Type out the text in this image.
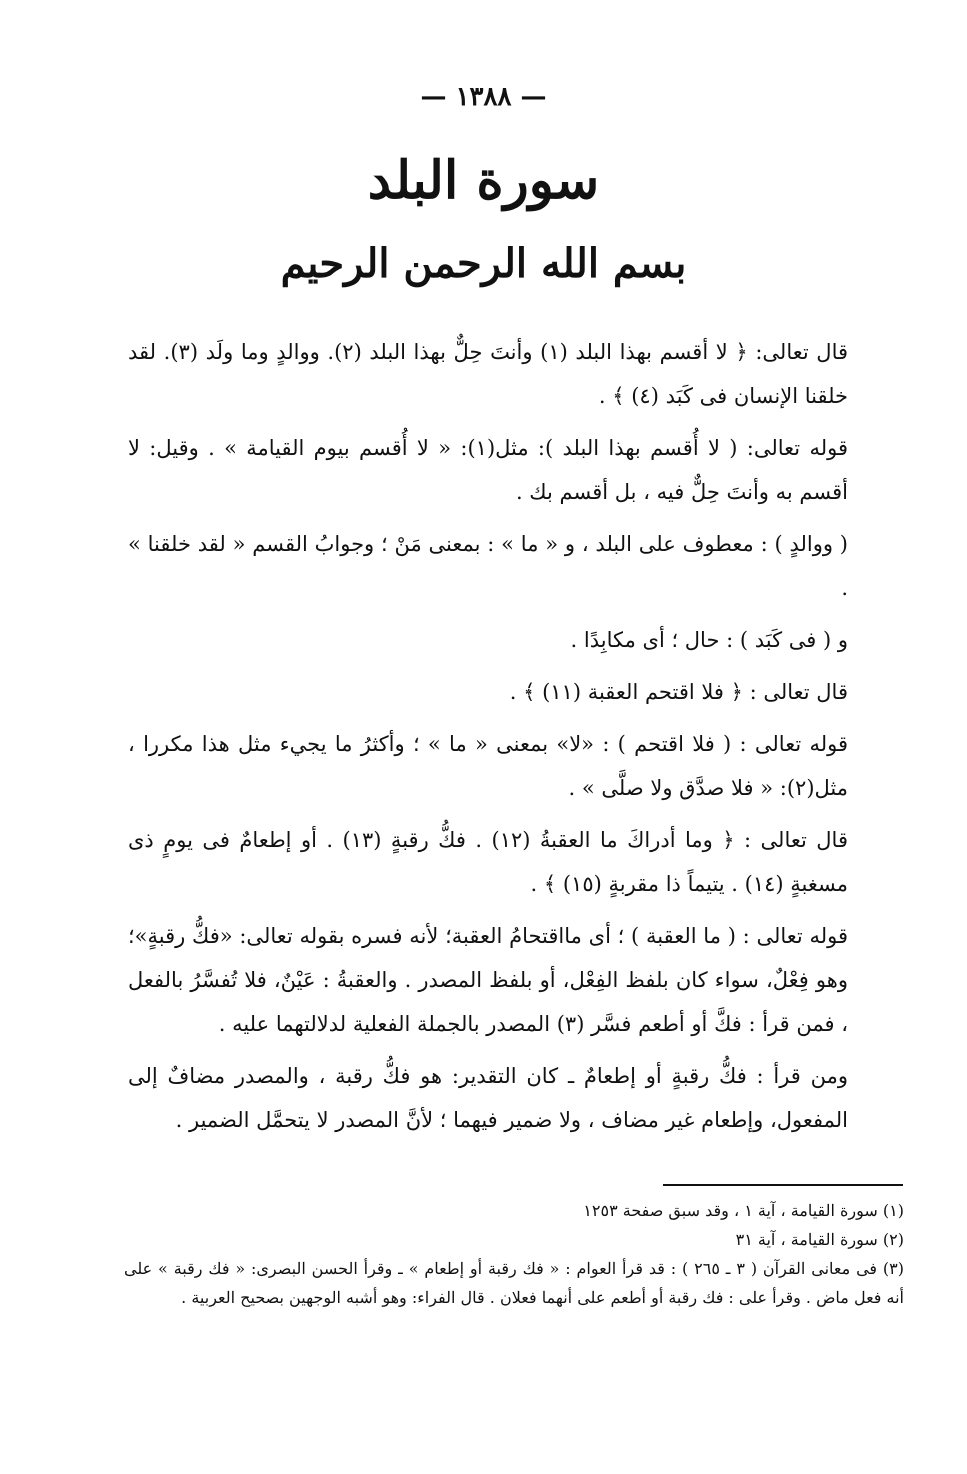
— ١٣٨٨ —
سورة البلد
بسم الله الرحمن الرحيم

قال تعالى: ﴿ لا أقسم بهذا البلد (١) وأنتَ حِلٌّ بهذا البلد (٢). ووالدٍ وما ولَد (٣). لقد خلقنا الإنسان فى كَبَد (٤) ﴾ .

قوله تعالى: ( لا أُقسم بهذا البلد ): مثل(١): « لا أُقسم بيوم القيامة » . وقيل: لا أقسم به وأنتَ حِلٌّ فيه ، بل أقسم بك .

( ووالدٍ ) : معطوف على البلد ، و « ما » : بمعنى مَنْ ؛ وجوابُ القسم « لقد خلقنا » .

و ( فى كَبَد ) : حال ؛ أى مكابِدًا .

قال تعالى : ﴿ فلا اقتحم العقبة (١١) ﴾ .

قوله تعالى : ( فلا اقتحم ) : «لا» بمعنى « ما » ؛ وأكثرُ ما يجيء مثل هذا مكررا ، مثل(٢): « فلا صدَّق ولا صلَّى » .

قال تعالى : ﴿ وما أدراكَ ما العقبةُ (١٢) . فكُّ رقبةٍ (١٣) . أو إطعامٌ فى يومٍ ذى مسغبةٍ (١٤) . يتيماً ذا مقربةٍ (١٥) ﴾ .

قوله تعالى : ( ما العقبة ) ؛ أى مااقتحامُ العقبة؛ لأنه فسره بقوله تعالى: «فكُّ رقبةٍ»؛ وهو فِعْلٌ، سواء كان بلفظ الفِعْل، أو بلفظ المصدر . والعقبةُ : عَيْنٌ، فلا تُفسَّرُ بالفعل ، فمن قرأ : فكَّ أو أطعم فسَّر (٣) المصدر بالجملة الفعلية لدلالتهما عليه .

ومن قرأ : فكُّ رقبةٍ أو إطعامٌ ـ كان التقدير: هو فكُّ رقبة ، والمصدر مضافٌ إلى المفعول، وإطعام غير مضاف ، ولا ضمير فيهما ؛ لأنَّ المصدر لا يتحمَّل الضمير .

(١) سورة القيامة ، آية ١ ، وقد سبق صفحة ١٢٥٣

(٢) سورة القيامة ، آية ٣١

(٣) فى معانى القرآن ( ٣ ـ ٢٦٥ ) : قد قرأ العوام : « فك رقبة أو إطعام » ـ وقرأ الحسن البصرى: « فك رقبة » على أنه فعل ماض . وقرأ على : فك رقبة أو أطعم على أنهما فعلان . قال الفراء: وهو أشبه الوجهين بصحيح العربية .
